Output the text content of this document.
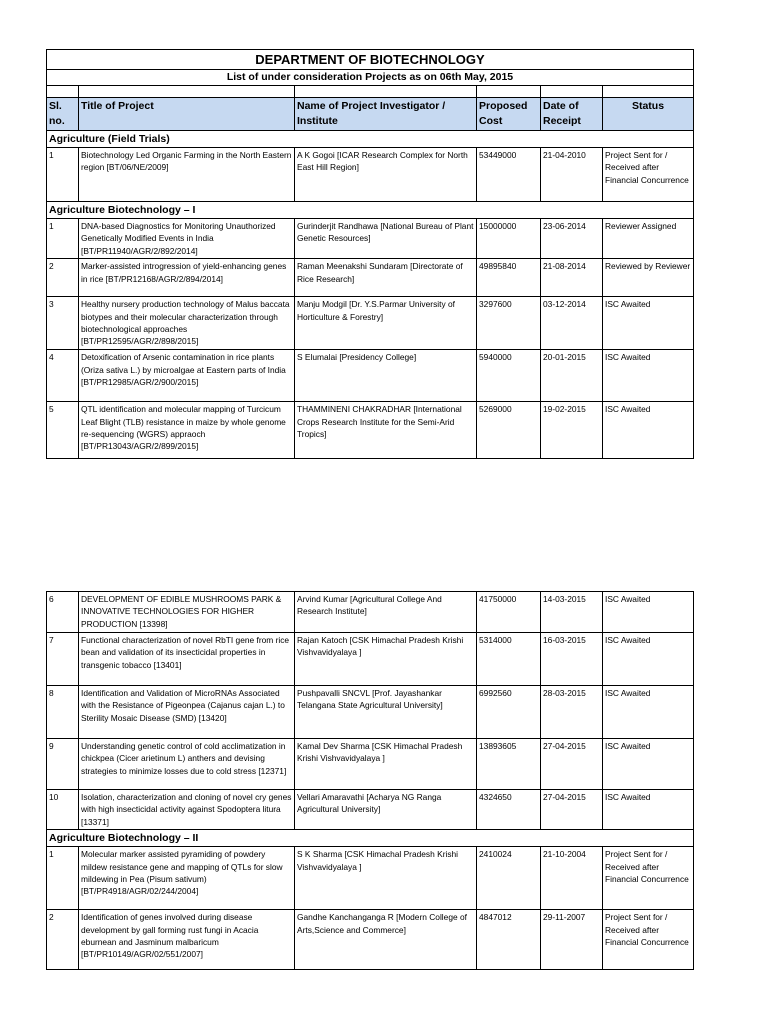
DEPARTMENT OF BIOTECHNOLOGY					
List of under consideration Projects as on 06th May, 2015					

Sl. no.	Title of Project	Name of Project Investigator / Institute	Proposed Cost	Date of Receipt	Status
Agriculture (Field Trials)					
1	Biotechnology Led Organic Farming in the North Eastern region [BT/06/NE/2009]	A K Gogoi [ICAR Research Complex for North East Hill Region]	53449000	21-04-2010	Project Sent for / Received after Financial Concurrence
Agriculture Biotechnology – I					
1	DNA-based Diagnostics for Monitoring Unauthorized Genetically Modified Events in India [BT/PR11940/AGR/2/892/2014]	Gurinderjit Randhawa [National Bureau of Plant Genetic Resources]	15000000	23-06-2014	Reviewer Assigned
2	Marker-assisted introgression of yield-enhancing genes in rice [BT/PR12168/AGR/2/894/2014]	Raman Meenakshi Sundaram [Directorate of Rice Research]	49895840	21-08-2014	Reviewed by Reviewer
3	Healthy nursery production technology of Malus baccata biotypes and their molecular characterization through biotechnological approaches [BT/PR12595/AGR/2/898/2015]	Manju Modgil [Dr. Y.S.Parmar University of Horticulture & Forestry]	3297600	03-12-2014	ISC Awaited
4	Detoxification of Arsenic contamination in rice plants (Oriza sativa L.) by microalgae at Eastern parts of India [BT/PR12985/AGR/2/900/2015]	S Elumalai [Presidency College]	5940000	20-01-2015	ISC Awaited
5	QTL identification and molecular mapping of Turcicum Leaf Blight (TLB) resistance in maize by whole genome re-sequencing (WGRS) appraoch [BT/PR13043/AGR/2/899/2015]	THAMMINENI CHAKRADHAR [International Crops Research Institute for the Semi-Arid Tropics]	5269000	19-02-2015	ISC Awaited
6	DEVELOPMENT OF EDIBLE MUSHROOMS PARK & INNOVATIVE TECHNOLOGIES FOR HIGHER PRODUCTION [13398]	Arvind Kumar [Agricultural College And Research Institute]	41750000	14-03-2015	ISC Awaited
7	Functional characterization of novel RbTI gene from rice bean and validation of its insecticidal properties in transgenic tobacco [13401]	Rajan Katoch [CSK Himachal Pradesh Krishi Vishvavidyalaya ]	5314000	16-03-2015	ISC Awaited
8	Identification and Validation of MicroRNAs Associated with the Resistance of Pigeonpea (Cajanus cajan L.) to Sterility Mosaic Disease (SMD) [13420]	Pushpavalli SNCVL [Prof. Jayashankar Telangana State Agricultural University]	6992560	28-03-2015	ISC Awaited
9	Understanding genetic control of cold acclimatization in chickpea (Cicer arietinum L) anthers and devising strategies to minimize losses due to cold stress [12371]	Kamal Dev Sharma [CSK Himachal Pradesh Krishi Vishvavidyalaya ]	13893605	27-04-2015	ISC Awaited
10	Isolation, characterization and cloning of novel cry genes with high insecticidal activity against Spodoptera litura [13371]	Vellari Amaravathi [Acharya NG Ranga Agricultural University]	4324650	27-04-2015	ISC Awaited
Agriculture Biotechnology – II					
1	Molecular marker assisted pyramiding of powdery mildew resistance gene and mapping of QTLs for slow mildewing in Pea (Pisum sativum) [BT/PR4918/AGR/02/244/2004]	S K Sharma [CSK Himachal Pradesh Krishi Vishvavidyalaya ]	2410024	21-10-2004	Project Sent for / Received after Financial Concurrence
2	Identification of genes involved during disease development by gall forming rust fungi in Acacia eburnean and Jasminum malbaricum [BT/PR10149/AGR/02/551/2007]	Gandhe Kanchanganga R [Modern College of Arts,Science and Commerce]	4847012	29-11-2007	Project Sent for / Received after Financial Concurrence
